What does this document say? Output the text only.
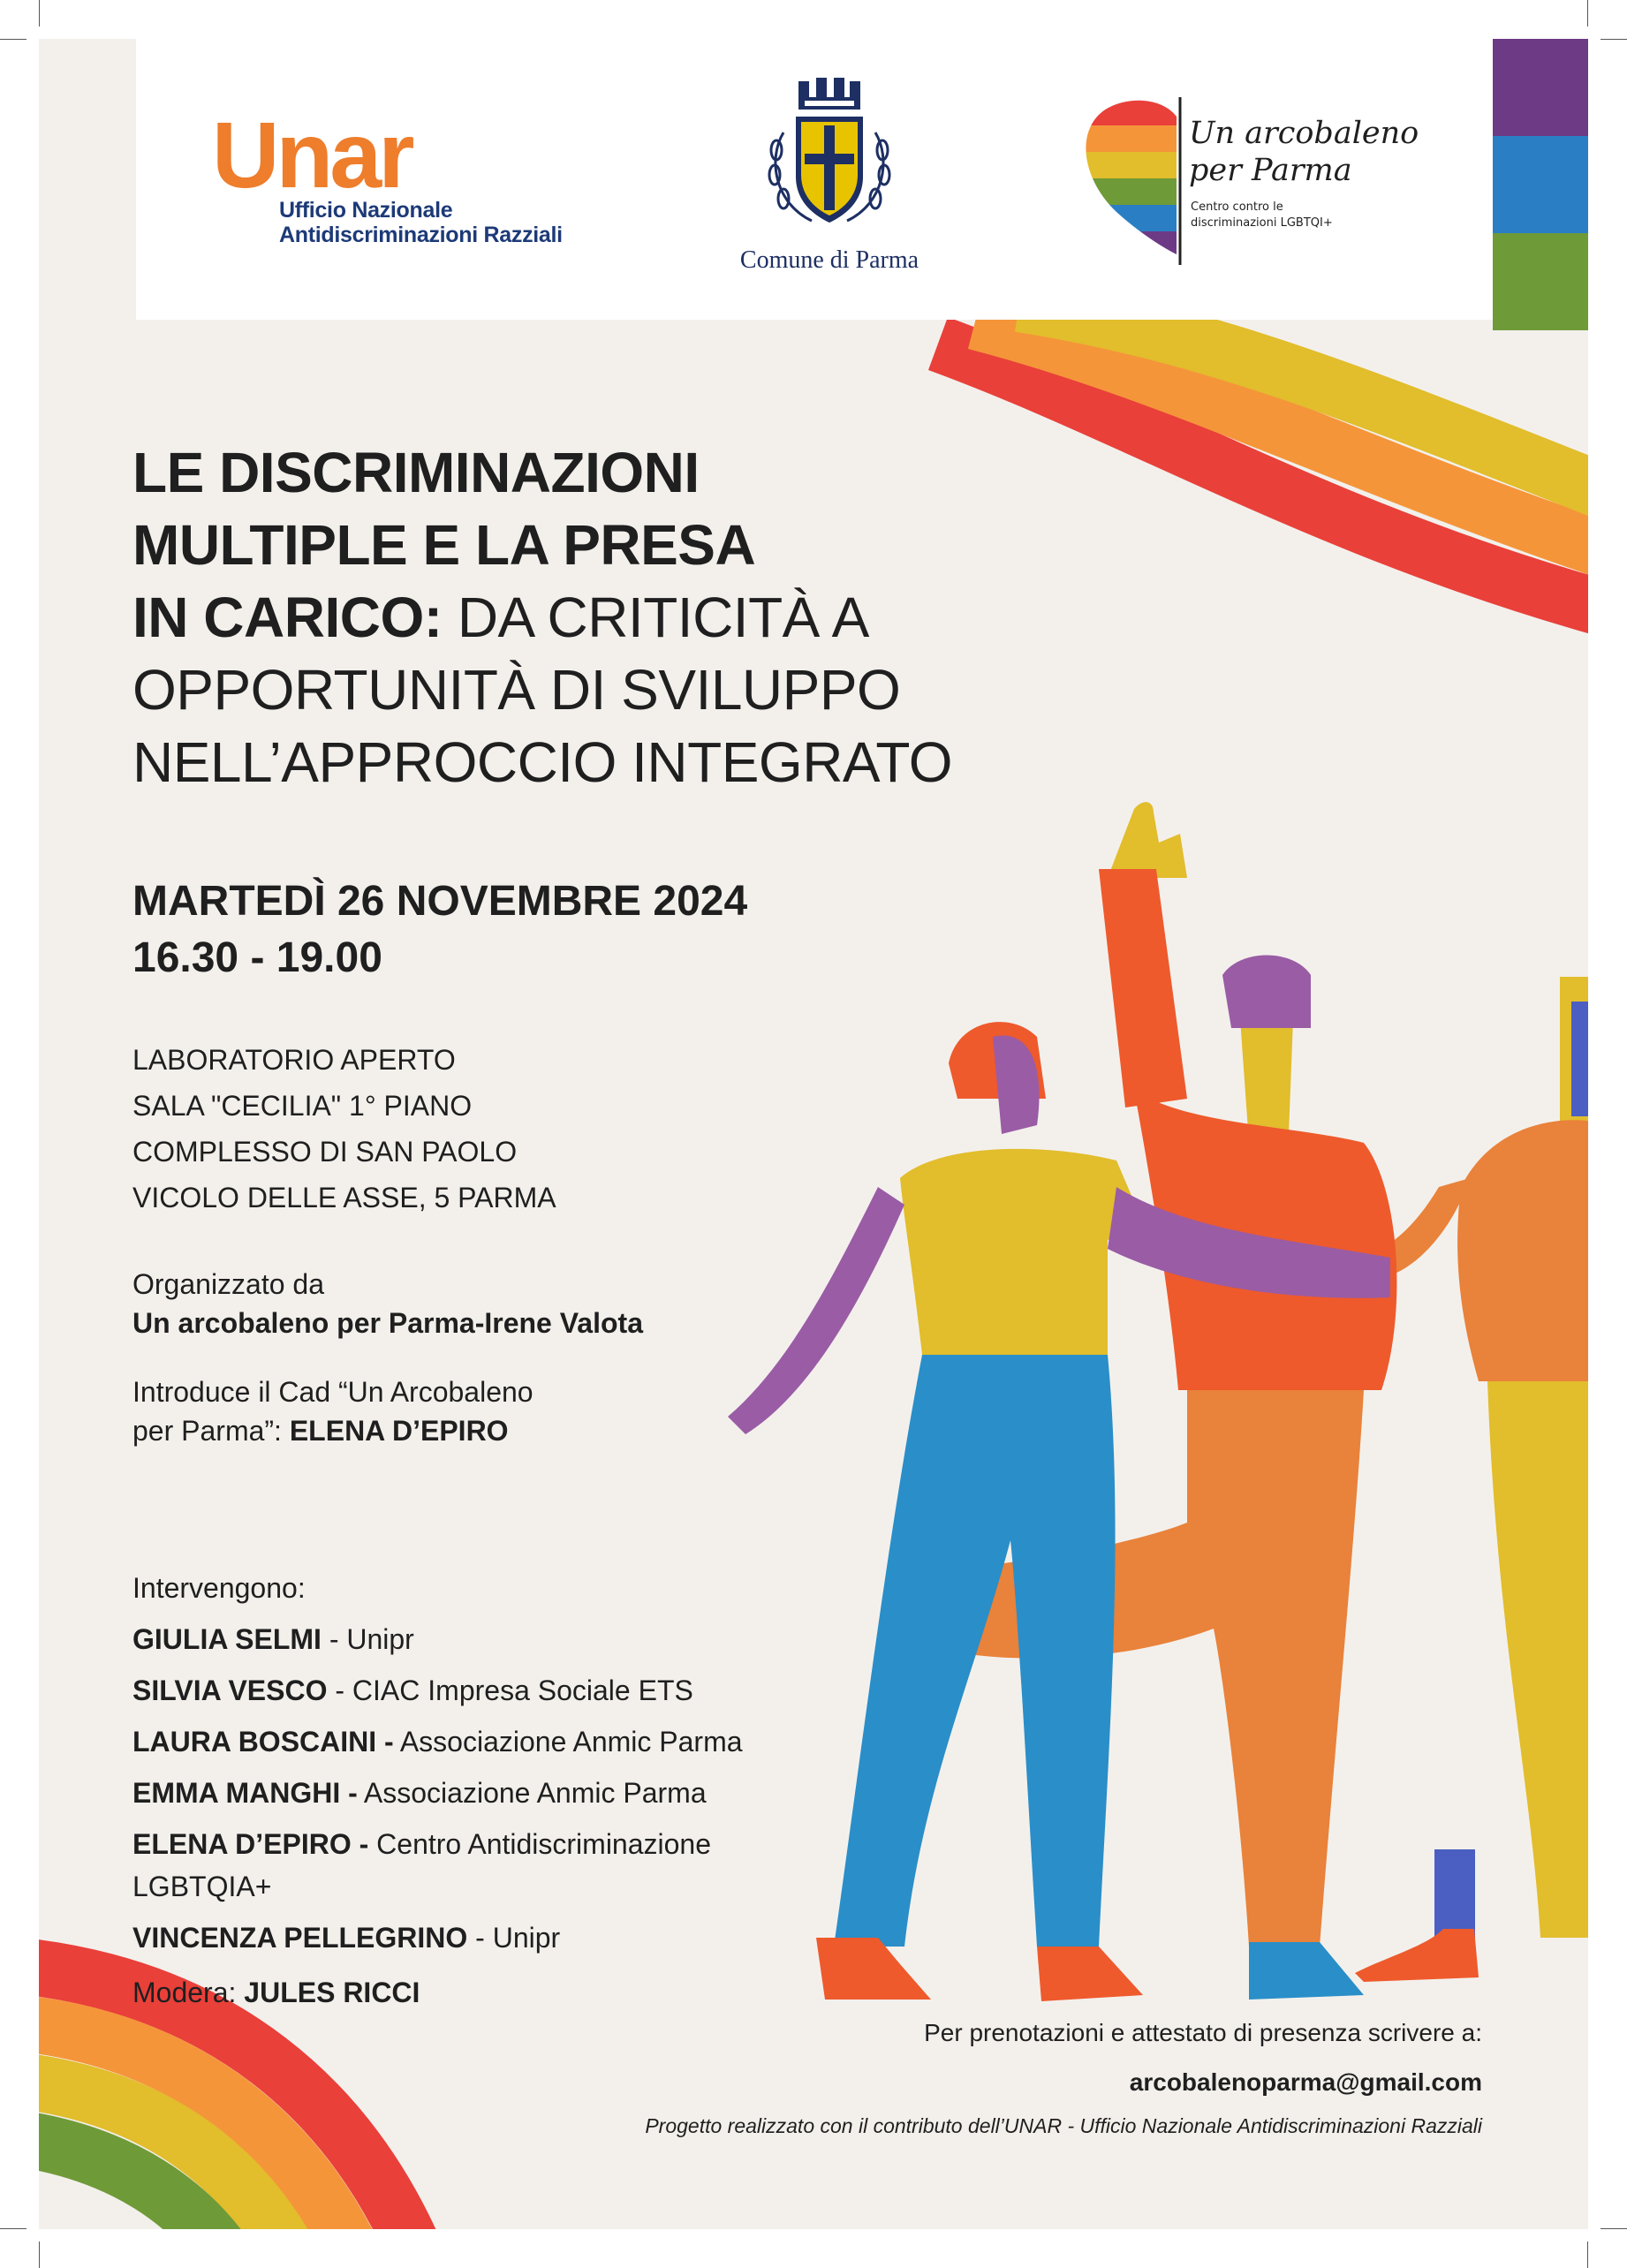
Unar
Ufficio Nazionale
Antidiscriminazioni Razziali
Comune di Parma
Un arcobaleno
per Parma
Centro contro le
discriminazioni LGBTQI+
LE DISCRIMINAZIONI
MULTIPLE E LA PRESA
IN CARICO: DA CRITICITÀ A
OPPORTUNITÀ DI SVILUPPO
NELL’APPROCCIO INTEGRATO
MARTEDÌ 26 NOVEMBRE 2024
16.30 - 19.00
LABORATORIO APERTO
SALA "CECILIA" 1° PIANO
COMPLESSO DI SAN PAOLO
VICOLO DELLE ASSE, 5 PARMA
Organizzato da
Un arcobaleno per Parma-Irene Valota
Introduce il Cad “Un Arcobaleno
per Parma”: ELENA D’EPIRO
Intervengono:
GIULIA SELMI - Unipr
SILVIA VESCO - CIAC Impresa Sociale ETS
LAURA BOSCAINI - Associazione Anmic Parma
EMMA MANGHI - Associazione Anmic Parma
ELENA D’EPIRO - Centro Antidiscriminazione
LGBTQIA+
VINCENZA PELLEGRINO - Unipr
Modera: JULES RICCI
Per prenotazioni e attestato di presenza scrivere a:
arcobalenoparma@gmail.com
Progetto realizzato con il contributo dell’UNAR - Ufficio Nazionale Antidiscriminazioni Razziali
